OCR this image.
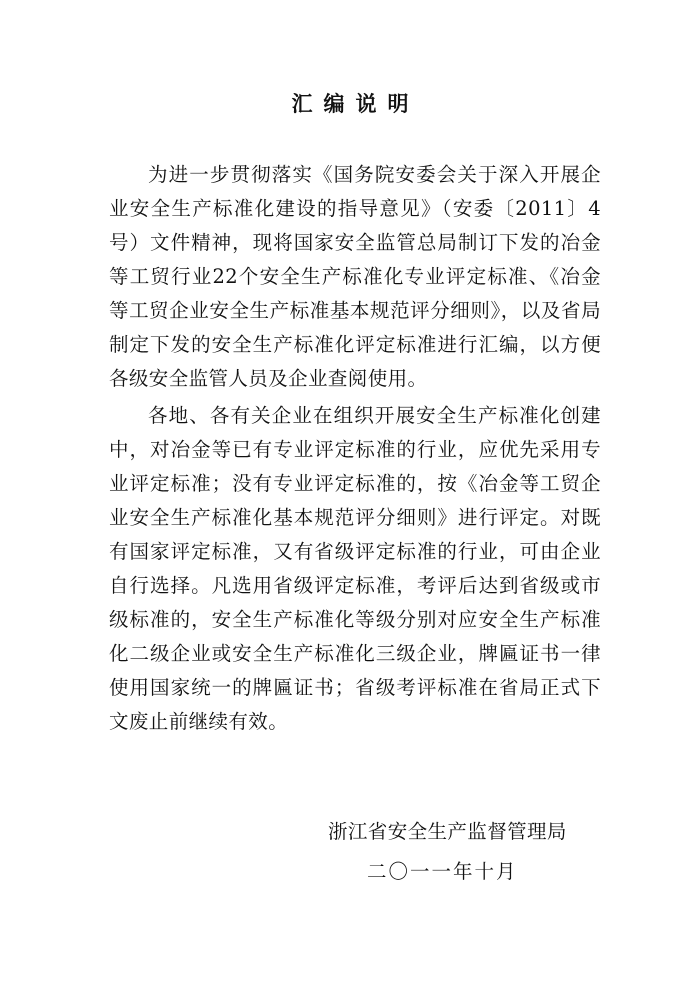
汇编说明

为进一步贯彻落实《国务院安委会关于深入开展企业安全生产标准化建设的指导意见》（安委〔2011〕4号）文件精神，现将国家安全监管总局制订下发的冶金等工贸行业22个安全生产标准化专业评定标准、《冶金等工贸企业安全生产标准基本规范评分细则》，以及省局制定下发的安全生产标准化评定标准进行汇编，以方便各级安全监管人员及企业查阅使用。

各地、各有关企业在组织开展安全生产标准化创建中，对冶金等已有专业评定标准的行业，应优先采用专业评定标准；没有专业评定标准的，按《冶金等工贸企业安全生产标准化基本规范评分细则》进行评定。对既有国家评定标准，又有省级评定标准的行业，可由企业自行选择。凡选用省级评定标准，考评后达到省级或市级标准的，安全生产标准化等级分别对应安全生产标准化二级企业或安全生产标准化三级企业，牌匾证书一律使用国家统一的牌匾证书；省级考评标准在省局正式下文废止前继续有效。

浙江省安全生产监督管理局
二〇一一年十月
